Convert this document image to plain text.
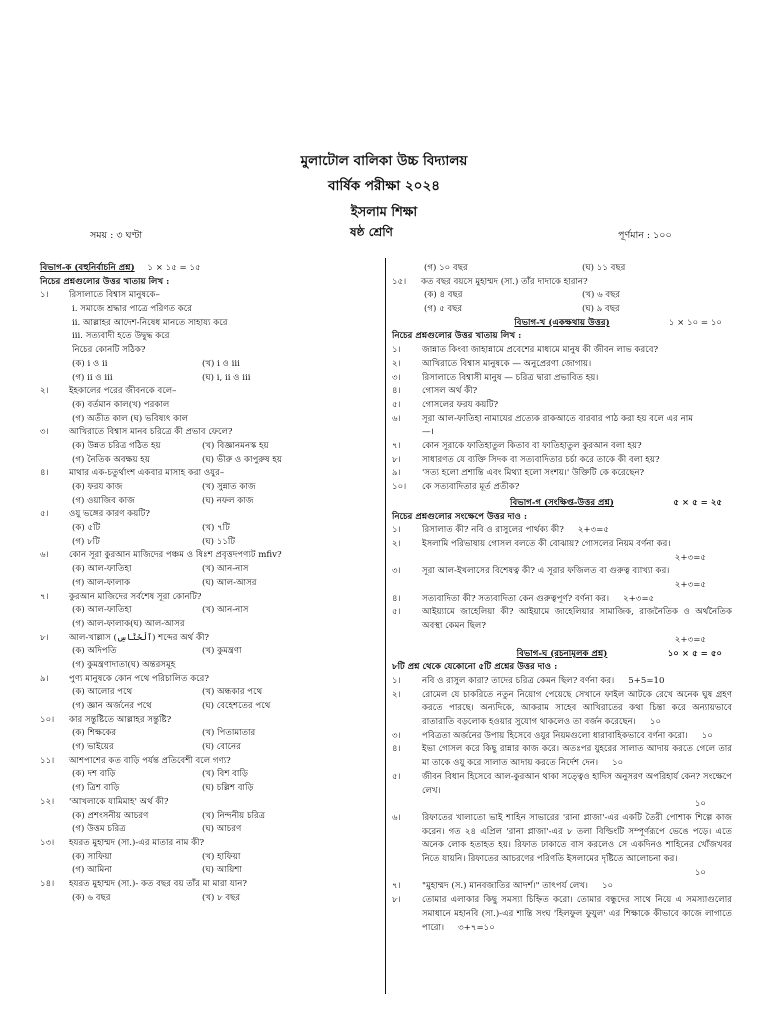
মুলাটোল বালিকা উচ্চ বিদ্যালয়
বার্ষিক পরীক্ষা ২০২৪
ইসলাম শিক্ষা
সময় : ৩ ঘণ্টা	ষষ্ঠ শ্রেণি	পূর্ণমান : ১০০
বিভাগ-ক (বহুনির্বাচনি প্রশ্ন) ১ × ১৫ = ১৫
নিচের প্রশ্নগুলোর উত্তর খাতায় লিখ :
১।	রিসালাতে বিশ্বাস মানুষকে–
i. সমাজে শ্রদ্ধার পাত্রে পরিণত করে
ii. আল্লাহর আদেশ-নিষেধ মানতে সাহায্য করে
iii. সত্যবাদী হতে উদ্বুদ্ধ করে
নিচের কোনটি সঠিক?
(ক) i ও ii	(খ) i ও iii
(গ) ii ও iii	(ঘ) i, ii ও iii
২।	ইহকালের পরের জীবনকে বলে–
(ক) বর্তমান কাল(খ) পরকাল
(গ) অতীত কাল (ঘ) ভবিষ্যৎ কাল
৩।	আখিরাতে বিশ্বাস মানব চরিত্রে কী প্রভাব ফেলে?
(ক) উন্নত চরিত্র গঠিত হয়	(খ) বিজ্ঞানমনস্ক হয়
(গ) নৈতিক অবক্ষয় হয়	(ঘ) ভীরু ও কাপুরুষ হয়
৪।	মাথার এক-চতুর্থাংশ একবার মাসাহ করা ওযুর–
(ক) ফরয কাজ	(খ) সুন্নাত কাজ
(গ) ওয়াজিব কাজ	(ঘ) নফল কাজ
৫।	ওযু ভঙ্গের কারণ কয়টি?
(ক) ৫টি	(খ) ৭টি
(গ) ৮টি	(ঘ) ১১টি
৬।	কোন সূরা কুরআন মাজিদের পঞ্চম ও ষিঃশ প্রবৃত্তদপণ্যট mfiv?
(ক) আল-ফাতিহা	(খ) আন-নাস
(গ) আল-ফালাক	(ঘ) আল-আসর
৭।	কুরআন মাজিদের সর্বশেষ সূরা কোনটি?
(ক) আল-ফাতিহা	(খ) আন-নাস
(গ) আল-ফালাক(ঘ) আল-আসর
৮।	আল-খাল্লাস (ٱلْخَنَّاسِ) শব্দের অর্থ কী?
(ক) অদিপতি	(খ) কুমন্ত্রণা
(গ) কুমন্ত্রণাদাতা(ঘ) অন্তরসমূহ
৯।	পুণ্য মানুষকে কোন পথে পরিচালিত করে?
(ক) আলোর পথে	(খ) অন্ধকার পথে
(গ) জ্ঞান অর্জনের পথে	(ঘ) বেহেশতের পথে
১০।	কার সন্তুষ্টিতে আল্লাহর সন্তুষ্টি?
(ক) শিক্ষকের	(খ) পিতামাতার
(গ) ভাইয়ের	(ঘ) বোনের
১১।	আশপাশের কত বাড়ি পর্যন্ত প্রতিবেশী বলে গণ্য?
(ক) দশ বাড়ি	(খ) বিশ বাড়ি
(গ) ত্রিশ বাড়ি	(ঘ) চল্লিশ বাড়ি
১২।	'আখলাকে যামিমাহ' অর্থ কী?
(ক) প্রশংসনীয় আচরণ	(খ) নিন্দনীয় চরিত্র
(গ) উত্তম চরিত্র	(ঘ) আচরণ
১৩।	হযরত মুহাম্মদ (সা.)-এর মাতার নাম কী?
(ক) সাফিয়া	(খ) হাফিয়া
(গ) আমিনা	(ঘ) আয়িশা
১৪।	হযরত মুহাম্মদ (সা.)- কত বছর বয় তাঁর মা মারা যান?
(ক) ৬ বছর	(খ) ৮ বছর
(গ) ১০ বছর	(ঘ) ১১ বছর
১৫।	কত বছর বয়সে মুহাম্মদ (সা.) তাঁর দাদাকে হারান?
(ক) ৪ বছর	(খ) ৬ বছর
(গ) ৫ বছর	(ঘ) ৯ বছর
বিভাগ-খ (একক্ষথায় উত্তর)	১ × ১০ = ১০
নিচের প্রশ্নগুলোর উত্তর খাতায় লিখ :
১।	জান্নাত কিংবা জাহান্নামে প্রবেশের মাধ্যমে মানুষ কী জীবন লাভ করবে?
২।	আখিরাতে বিশ্বাস মানুষকে — অনুপ্রেরণা জোগায়।
৩।	রিসালাতে বিশ্বাসী মানুষ — চরিত্র দ্বারা প্রভাবিত হয়।
৪।	গোসল অর্থ কী?
৫।	গোসলের ফরয কয়টি?
৬।	সূরা আল-ফাতিহা নামাযের প্রত্যেক রাকআতে বারবার পাঠ করা হয় বলে এর নাম
—।
৭।	কোন সূরাকে ফাতিহাতুল কিতাব বা ফাতিহাতুল কুরআন বলা হয়?
৮।	সাধারণত যে ব্যক্তি সিদক বা সত্যবাদিতার চর্চা করে তাকে কী বলা হয়?
৯।	'সত্য হলো প্রশান্তি এবং মিথ্যা হলো সংশয়।' উক্তিটি কে করেছেন?
১০।	কে সত্যবাদিতার মূর্ত প্রতীক?
বিভাগ-গ (সংক্ষিপ্ত-উত্তর প্রশ্ন)	৫ × ৫ = ২৫
নিচের প্রশ্নগুলোর সংক্ষেপে উত্তর দাও :
১।	রিসালাত কী? নবি ও রাসুলের পার্থক্য কী? ২+৩=৫
২।	ইসলামি পরিভাষায় গোসল বলতে কী বোঝায়? গোসলের নিয়ম বর্ণনা কর।
২+৩=৫
৩।	সূরা আল-ইখলাসের বিশেষত্ব কী? এ সূরার ফজিলত বা গুরুত্ব ব্যাখ্যা কর।
২+৩=৫
৪।	সত্যবাদিতা কী? সত্যবাদিতা কেন গুরুত্বপূর্ণ? বর্ণনা কর। ২+৩=৫
৫।	আইয়্যামে জাহেলিয়া কী? আইয়ামে জাহেলিয়ার সামাজিক, রাজনৈতিক ও অর্থনৈতিক অবস্থা কেমন ছিল?
২+৩=৫
বিভাগ-ঘ (রচনামূলক প্রশ্ন)	১০ × ৫ = ৫০
৮টি প্রশ্ন থেকে যেকোনো ৫টি প্রশ্নের উত্তর দাও :
১।	নবি ও রাসুল কারা? তাদের চরিত্র কেমন ছিল? বর্ণনা কর। 5+5=10
২।	রোমেল যে চাকরিতে নতুন নিয়োগ পেয়েছে সেখানে ফাইল আটকে রেখে অনেক ঘুষ গ্রহণ করতে পারছে। অন্যদিকে, আকরাম সাহেব আখিরাতের কথা চিন্তা করে অন্যায়ভাবে রাতারাতি বড়লোক হওয়ার সুযোগ থাকলেও তা বর্জন করেছেন। ১০
৩।	পবিত্রতা অর্জনের উপায় হিসেবে ওযুর নিয়মগুলো ধারাবাহিকভাবে বর্ণনা করো। ১০
৪।	ইভা গোসল করে কিছু রান্নার কাজ করে। অতঃপর যুহরের সালাত আদায় করতে গেলে তার মা তাকে ওযু করে সালাত আদায় করতে নির্দেশ দেন। ১০
৫।	জীবন বিধান হিসেবে আল-কুরআন থাকা সত্ত্বেও হাদিস অনুসরণ অপরিহার্য কেন? সংক্ষেপে লেখ।
১০
৬।	রিফাতের খালাতো ভাই শাহিন সাভারের 'রানা প্লাজা'-এর একটি তৈরী পোশাক শিল্পে কাজ করেন। গত ২৪ এপ্রিল 'রানা প্লাজা'-এর ৮ তলা বিল্ডিংটি সম্পূর্ণরূপে ভেঙে পড়ে। এতে অনেক লোক হতাহত হয়। রিফাত ঢাকাতে বাস করলেও সে একদিনও শাহিনের খোঁজখবর নিতে যায়নি। রিফাতের আচরণের পরিণতি ইসলামের দৃষ্টিতে আলোচনা কর।
১০
৭।	"মুহাম্মদ (স.) মানবজাতির আদর্শ।" তাৎপর্য লেখ। ১০
৮।	তোমার এলাকার কিছু সমস্যা চিহ্নিত করো। তোমার বন্ধুদের সাথে নিয়ে এ সমস্যাগুলোর সমাধানে মহানবি (সা.)-এর শান্তি সংঘ 'হিলফুল ফুযুল' এর শিক্ষাকে কীভাবে কাজে লাগাতে পারো। ৩+৭=১০
